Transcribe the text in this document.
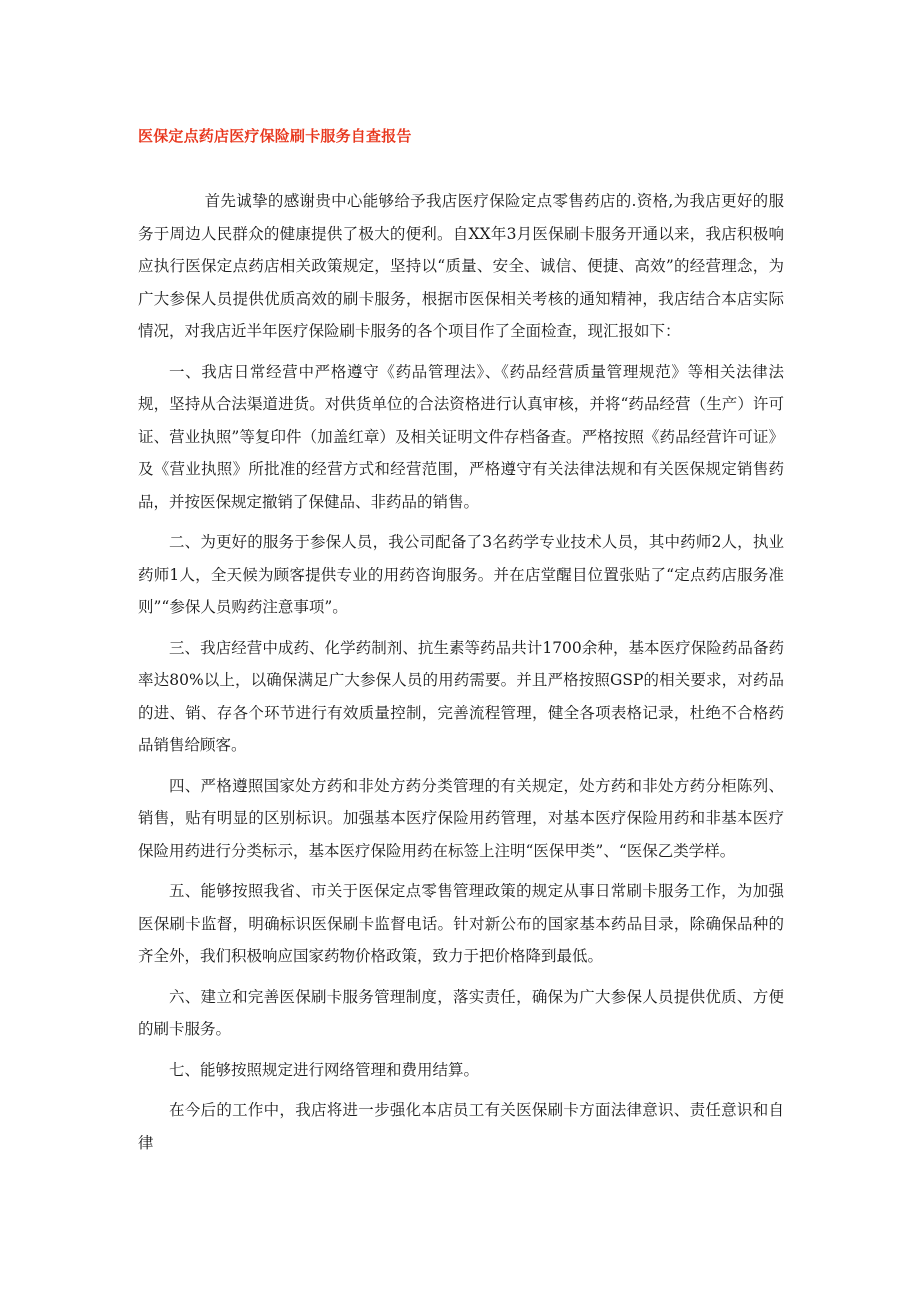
医保定点药店医疗保险刷卡服务自查报告

首先诚挚的感谢贵中心能够给予我店医疗保险定点零售药店的.资格,为我店更好的服务于周边人民群众的健康提供了极大的便利。自XX年3月医保刷卡服务开通以来，我店积极响应执行医保定点药店相关政策规定，坚持以“质量、安全、诚信、便捷、高效”的经营理念，为广大参保人员提供优质高效的刷卡服务，根据市医保相关考核的通知精神，我店结合本店实际情况，对我店近半年医疗保险刷卡服务的各个项目作了全面检查，现汇报如下：

一、我店日常经营中严格遵守《药品管理法》、《药品经营质量管理规范》等相关法律法规，坚持从合法渠道进货。对供货单位的合法资格进行认真审核，并将“药品经营（生产）许可证、营业执照”等复印件（加盖红章）及相关证明文件存档备查。严格按照《药品经营许可证》及《营业执照》所批准的经营方式和经营范围，严格遵守有关法律法规和有关医保规定销售药品，并按医保规定撤销了保健品、非药品的销售。

二、为更好的服务于参保人员，我公司配备了3名药学专业技术人员，其中药师2人，执业药师1人，全天候为顾客提供专业的用药咨询服务。并在店堂醒目位置张贴了“定点药店服务准则”“参保人员购药注意事项”。

三、我店经营中成药、化学药制剂、抗生素等药品共计1700余种，基本医疗保险药品备药率达80%以上，以确保满足广大参保人员的用药需要。并且严格按照GSP的相关要求，对药品的进、销、存各个环节进行有效质量控制，完善流程管理，健全各项表格记录，杜绝不合格药品销售给顾客。

四、严格遵照国家处方药和非处方药分类管理的有关规定，处方药和非处方药分柜陈列、销售，贴有明显的区别标识。加强基本医疗保险用药管理，对基本医疗保险用药和非基本医疗保险用药进行分类标示，基本医疗保险用药在标签上注明“医保甲类”、“医保乙类学样。

五、能够按照我省、市关于医保定点零售管理政策的规定从事日常刷卡服务工作，为加强医保刷卡监督，明确标识医保刷卡监督电话。针对新公布的国家基本药品目录，除确保品种的齐全外，我们积极响应国家药物价格政策，致力于把价格降到最低。

六、建立和完善医保刷卡服务管理制度，落实责任，确保为广大参保人员提供优质、方便的刷卡服务。

七、能够按照规定进行网络管理和费用结算。

在今后的工作中，我店将进一步强化本店员工有关医保刷卡方面法律意识、责任意识和自律
